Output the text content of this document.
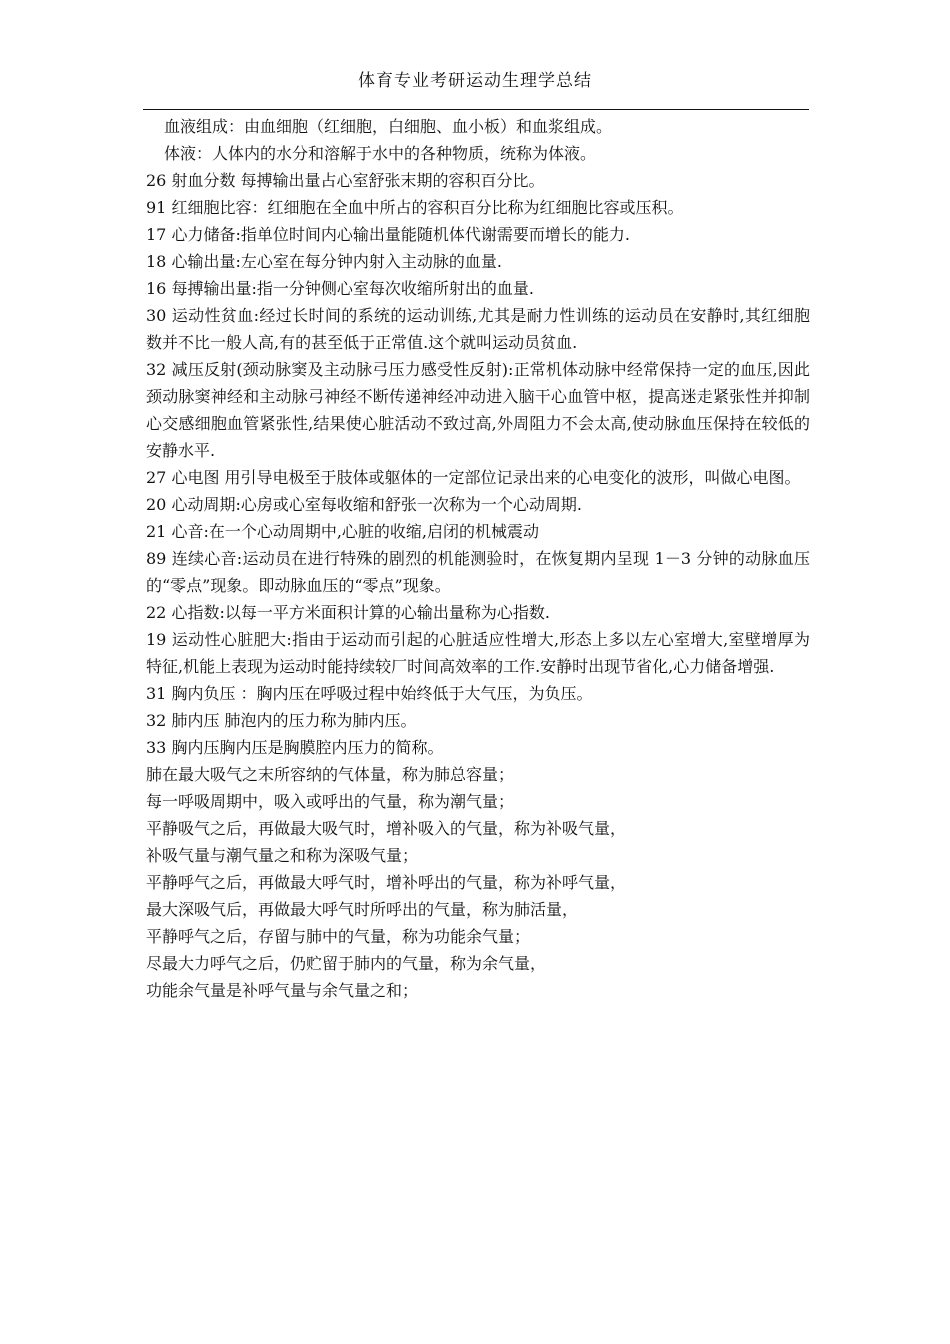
体育专业考研运动生理学总结

血液组成：由血细胞（红细胞，白细胞、血小板）和血浆组成。

体液：人体内的水分和溶解于水中的各种物质，统称为体液。

26 射血分数 每搏输出量占心室舒张末期的容积百分比。

91 红细胞比容：红细胞在全血中所占的容积百分比称为红细胞比容或压积。

17 心力储备:指单位时间内心输出量能随机体代谢需要而增长的能力.

18 心输出量:左心室在每分钟内射入主动脉的血量.

16 每搏输出量:指一分钟侧心室每次收缩所射出的血量.

30 运动性贫血:经过长时间的系统的运动训练,尤其是耐力性训练的运动员在安静时,其红细胞数并不比一般人高,有的甚至低于正常值.这个就叫运动员贫血.

32 减压反射(颈动脉窦及主动脉弓压力感受性反射):正常机体动脉中经常保持一定的血压,因此颈动脉窦神经和主动脉弓神经不断传递神经冲动进入脑干心血管中枢，提高迷走紧张性并抑制心交感细胞血管紧张性,结果使心脏活动不致过高,外周阻力不会太高,使动脉血压保持在较低的安静水平.

27 心电图 用引导电极至于肢体或躯体的一定部位记录出来的心电变化的波形，叫做心电图。

20 心动周期:心房或心室每收缩和舒张一次称为一个心动周期.

21 心音:在一个心动周期中,心脏的收缩,启闭的机械震动

89 连续心音:运动员在进行特殊的剧烈的机能测验时，在恢复期内呈现 1－3 分钟的动脉血压的“零点”现象。即动脉血压的“零点”现象。

22 心指数:以每一平方米面积计算的心输出量称为心指数.

19 运动性心脏肥大:指由于运动而引起的心脏适应性增大,形态上多以左心室增大,室壁增厚为特征,机能上表现为运动时能持续较厂时间高效率的工作.安静时出现节省化,心力储备增强.

31 胸内负压 ：胸内压在呼吸过程中始终低于大气压，为负压。

32 肺内压 肺泡内的压力称为肺内压。

33 胸内压胸内压是胸膜腔内压力的简称。

肺在最大吸气之末所容纳的气体量，称为肺总容量；

每一呼吸周期中，吸入或呼出的气量，称为潮气量；

平静吸气之后，再做最大吸气时，增补吸入的气量，称为补吸气量，

补吸气量与潮气量之和称为深吸气量；

平静呼气之后，再做最大呼气时，增补呼出的气量，称为补呼气量，

最大深吸气后，再做最大呼气时所呼出的气量，称为肺活量，

平静呼气之后，存留与肺中的气量，称为功能余气量；

尽最大力呼气之后，仍贮留于肺内的气量，称为余气量，

功能余气量是补呼气量与余气量之和；
